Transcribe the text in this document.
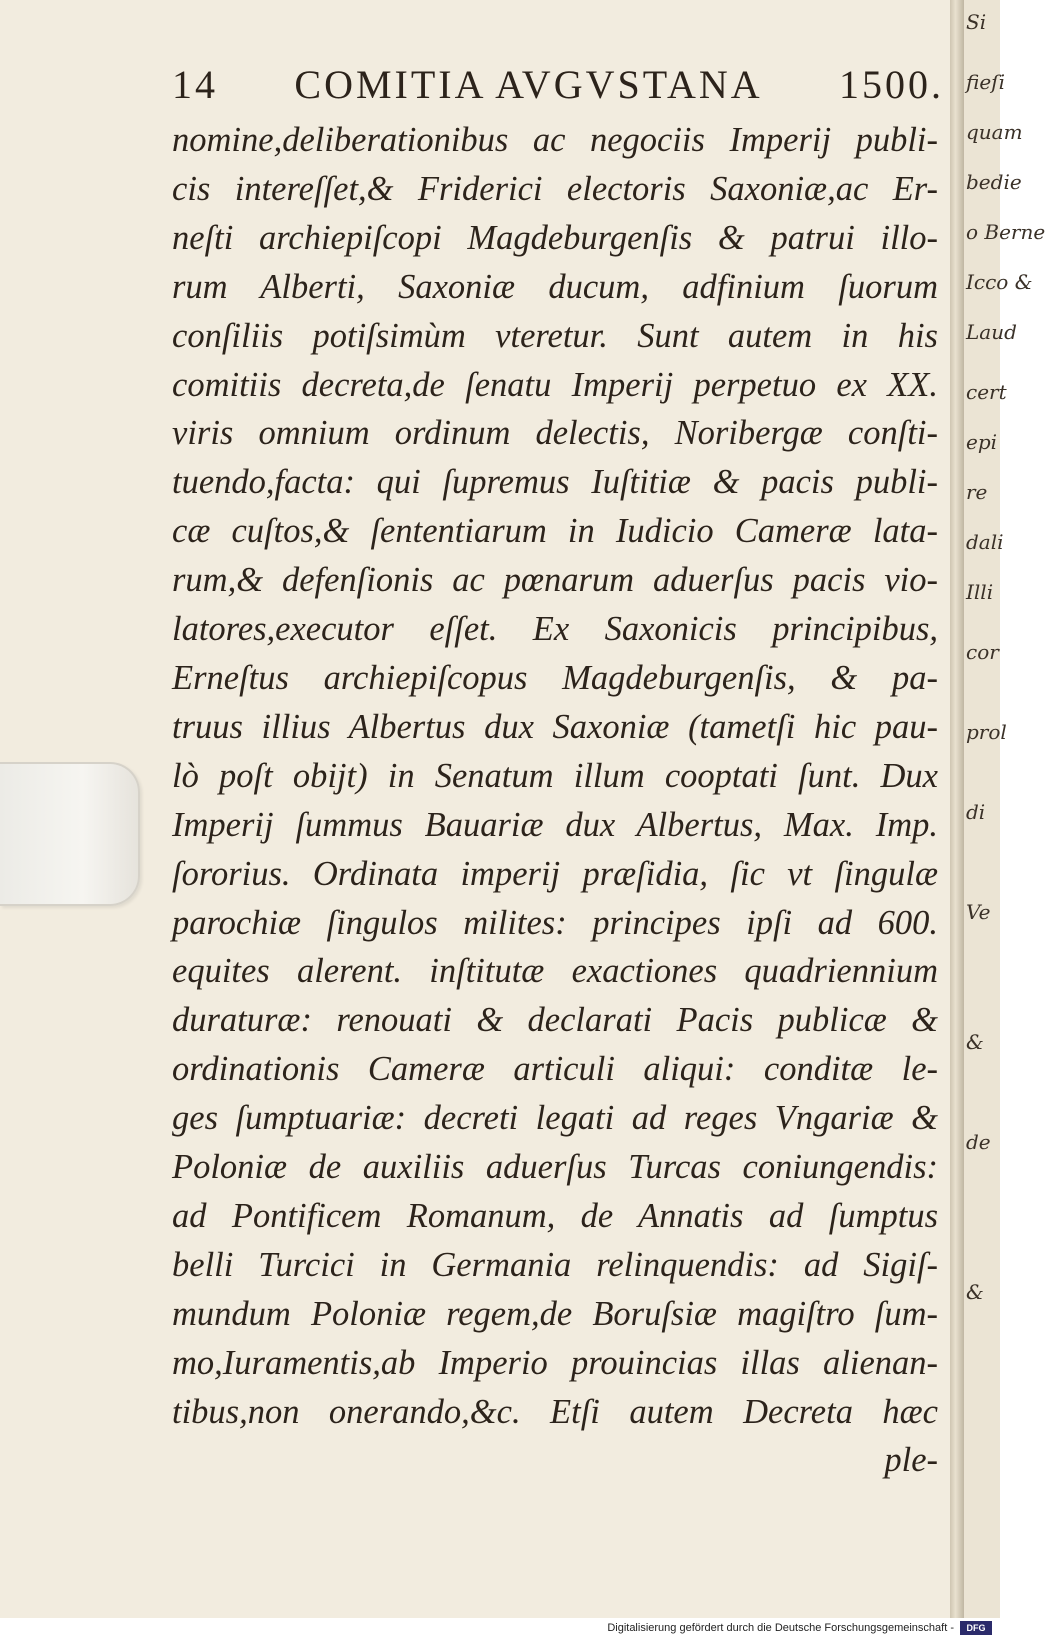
Si
fieſi
quam
bedie
o Berne
Icco &
Laud
cert
epi
re
dali
Illi
cor
prol
di
Ve
&
de
&
14 COMITIA AVGVSTANA 1500.
nomine,deliberationibus ac negociis Imperij publi-
cis intereſſet,& Friderici electoris Saxoniæ,ac Er-
neſti archiepiſcopi Magdeburgenſis & patrui illo-
rum Alberti, Saxoniæ ducum, adfinium ſuorum
conſiliis potiſsimùm vteretur. Sunt autem in his
comitiis decreta,de ſenatu Imperij perpetuo ex XX.
viris omnium ordinum delectis, Noribergæ conſti-
tuendo,facta: qui ſupremus Iuſtitiæ & pacis publi-
cæ cuſtos,& ſententiarum in Iudicio Cameræ lata-
rum,& defenſionis ac pœnarum aduerſus pacis vio-
latores,executor eſſet. Ex Saxonicis principibus,
Erneſtus archiepiſcopus Magdeburgenſis, & pa-
truus illius Albertus dux Saxoniæ (tametſi hic pau-
lò poſt obijt) in Senatum illum cooptati ſunt. Dux
Imperij ſummus Bauariæ dux Albertus, Max. Imp.
ſororius. Ordinata imperij præſidia, ſic vt ſingulæ
parochiæ ſingulos milites: principes ipſi ad 600.
equites alerent. inſtitutæ exactiones quadriennium
duraturæ: renouati & declarati Pacis publicæ &
ordinationis Cameræ articuli aliqui: conditæ le-
ges ſumptuariæ: decreti legati ad reges Vngariæ &
Poloniæ de auxiliis aduerſus Turcas coniungendis:
ad Pontificem Romanum, de Annatis ad ſumptus
belli Turcici in Germania relinquendis: ad Sigiſ-
mundum Poloniæ regem,de Boruſsiæ magiſtro ſum-
mo,Iuramentis,ab Imperio prouincias illas alienan-
tibus,non onerando,&c. Etſi autem Decreta hæc
ple-
Digitalisierung gefördert durch die Deutsche Forschungsgemeinschaft -	DFG
